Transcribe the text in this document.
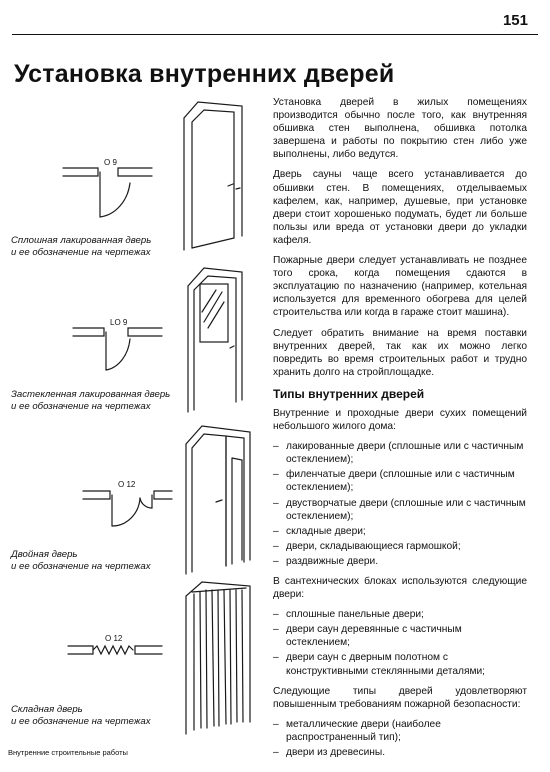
151
Установка внутренних дверей
O 9
Сплошная лакированная дверь
и ее обозначение на чертежах
LO 9
Застекленная лакированная дверь
и ее обозначение на чертежах
O 12
Двойная дверь
и ее обозначение на чертежах
O 12
Складная дверь
и ее обозначение на чертежах

Установка дверей в жилых помещениях производится обычно после того, как внутренняя обшивка стен выполнена, обшивка потолка завершена и работы по покрытию стен либо уже выполнены, либо ведутся.

Дверь сауны чаще всего устанавливается до обшивки стен. В помещениях, отделываемых кафелем, как, например, душевые, при установке двери стоит хорошенько подумать, будет ли больше пользы или вреда от установки двери до укладки кафеля.

Пожарные двери следует устанавливать не позднее того срока, когда помещения сдаются в эксплуатацию по назначению (например, котельная используется для временного обогрева для целей строительства или когда в гараже стоит машина).

Следует обратить внимание на время поставки внутренних дверей, так как их можно легко повредить во время строительных работ и трудно хранить долго на стройплощадке.

Типы внутренних дверей

Внутренние и проходные двери сухих помещений небольшого жилого дома:

– лакированные двери (сплошные или с частичным остеклением);
– филенчатые двери (сплошные или с частичным остеклением);
– двустворчатые двери (сплошные или с частичным остеклением);
– складные двери;
– двери, складывающиеся гармошкой;
– раздвижные двери.

В сантехнических блоках используются следующие двери:

– сплошные панельные двери;
– двери саун деревянные с частичным остеклением;
– двери саун с дверным полотном с конструктивными стеклянными деталями;

Следующие типы дверей удовлетворяют повышенным требованиям пожарной безопасности:

– металлические двери (наиболее распространенный тип);
– двери из древесины.
Внутренние строительные работы
